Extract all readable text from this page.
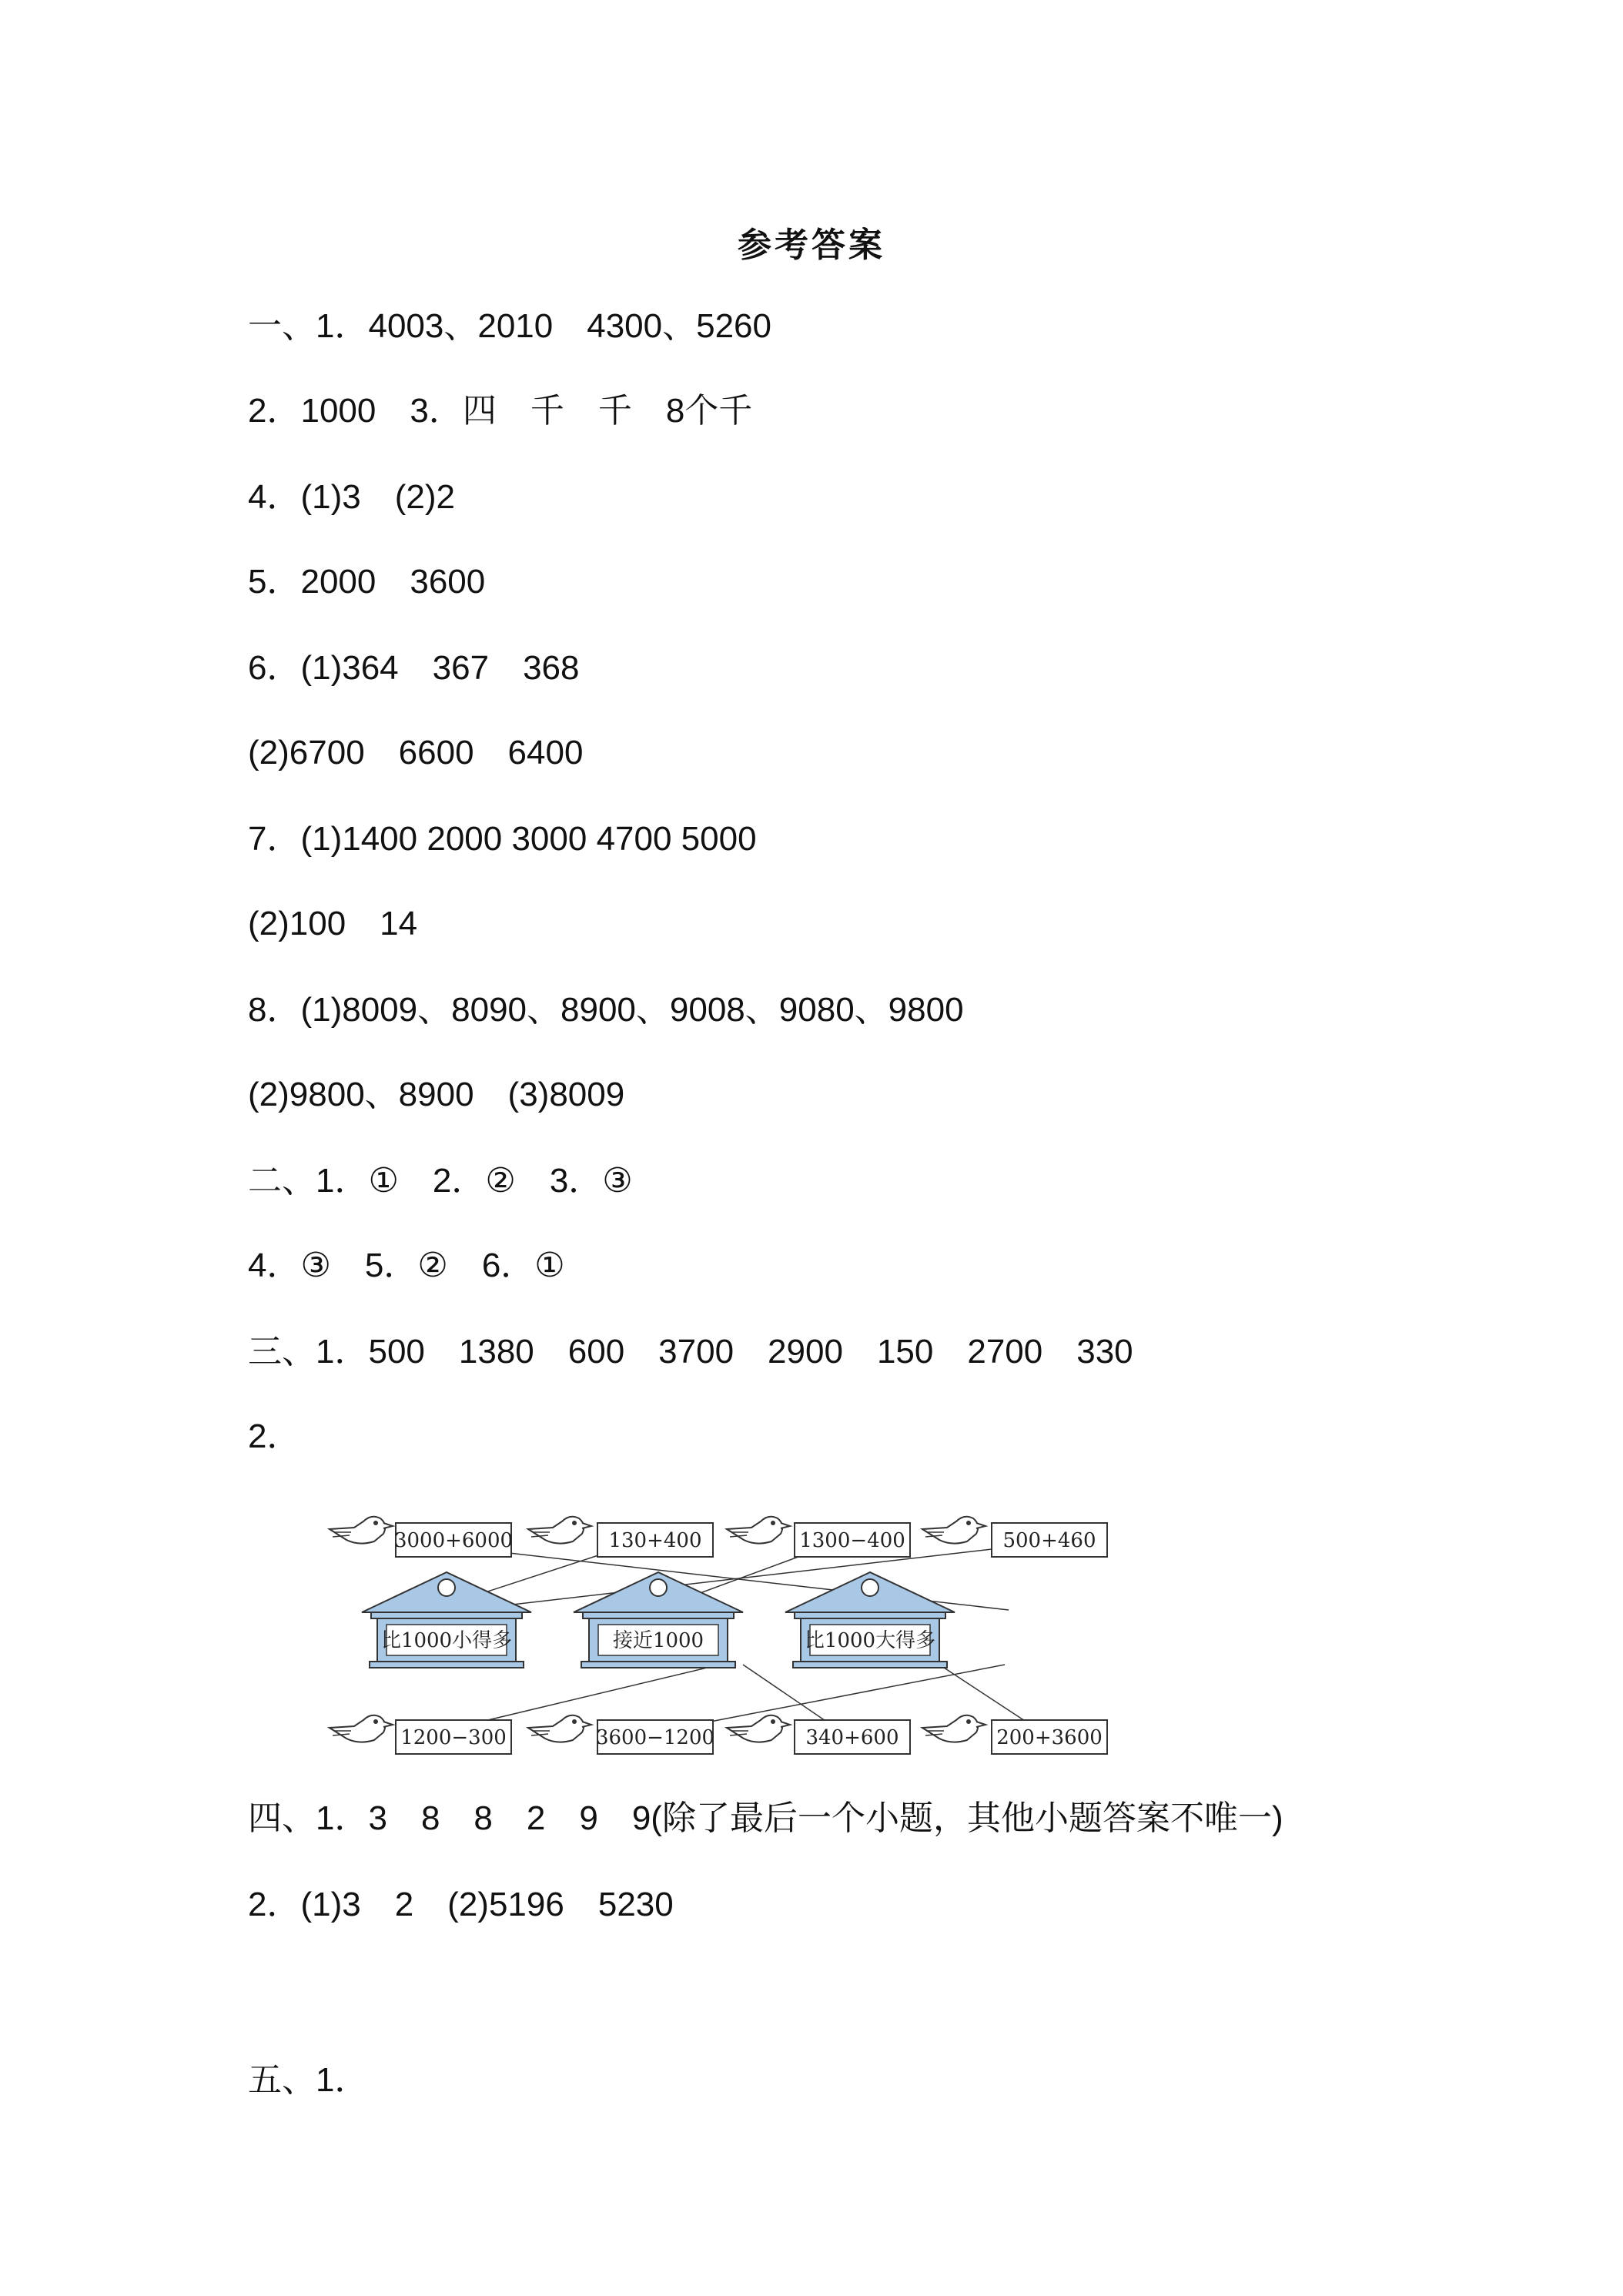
参考答案
一、1．4003、2010　4300、5260
2．1000　3．四　千　千　8个千
4．(1)3　(2)2
5．2000　3600
6．(1)364　367　368
(2)6700　6600　6400
7．(1)1400 2000 3000 4700 5000
(2)100　14
8．(1)8009、8090、8900、9008、9080、9800
(2)9800、8900　(3)8009
二、1．①　2．②　3．③
4．③　5．②　6．①
三、1．500　1380　600　3700　2900　150　2700　330
2．
3000+6000	130+400	1300−400	500+460
比1000小得多	接近1000	比1000大得多
1200−300	3600−1200	340+600	200+3600
四、1．3　8　8　2　9　9(除了最后一个小题，其他小题答案不唯一)
2．(1)3　2　(2)5196　5230
五、1．
